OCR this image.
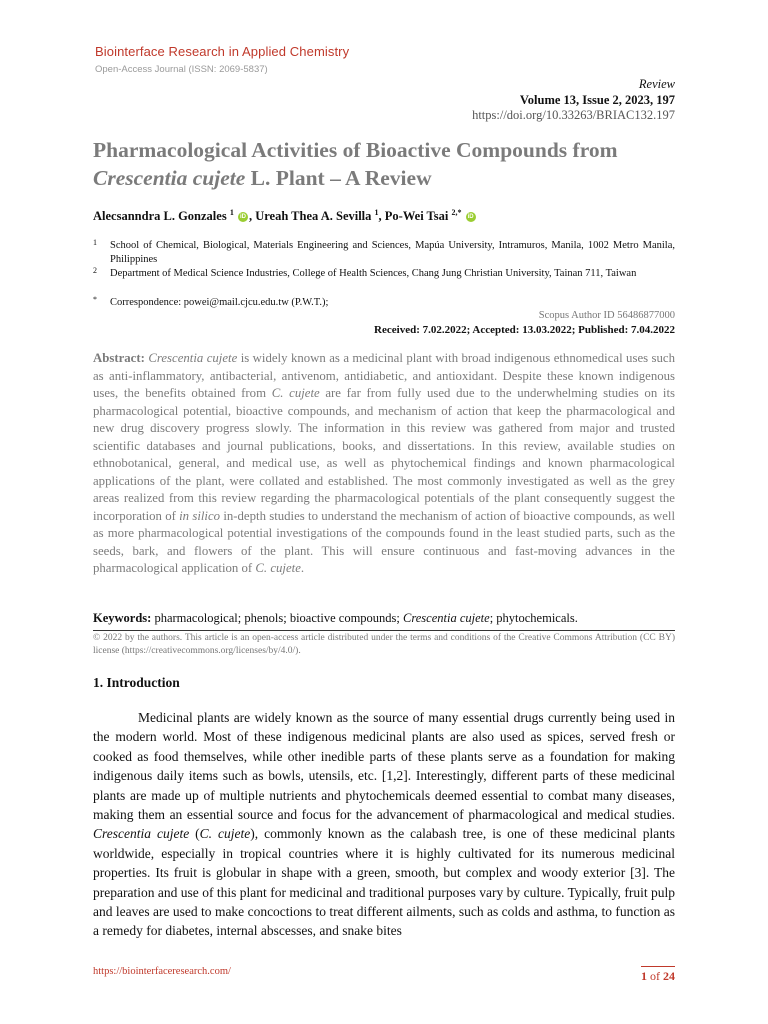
Biointerface Research in Applied Chemistry
Open-Access Journal (ISSN: 2069-5837)
Review
Volume 13, Issue 2, 2023, 197
https://doi.org/10.33263/BRIAC132.197
Pharmacological Activities of Bioactive Compounds from
Crescentia cujete L. Plant – A Review
Alecsanndra L. Gonzales $^1$ iD , Ureah Thea A. Sevilla $^1$, Po-Wei Tsai $^{2,*}$ iD
1 School of Chemical, Biological, Materials Engineering and Sciences, Mapúa University, Intramuros, Manila, 1002 Metro Manila, Philippines
2 Department of Medical Science Industries, College of Health Sciences, Chang Jung Christian University, Tainan 711, Taiwan
* Correspondence: powei@mail.cjcu.edu.tw (P.W.T.);
Scopus Author ID 56486877000
Received: 7.02.2022; Accepted: 13.03.2022; Published: 7.04.2022
Abstract: Crescentia cujete is widely known as a medicinal plant with broad indigenous ethnomedical uses such as anti-inflammatory, antibacterial, antivenom, antidiabetic, and antioxidant. Despite these known indigenous uses, the benefits obtained from C. cujete are far from fully used due to the underwhelming studies on its pharmacological potential, bioactive compounds, and mechanism of action that keep the pharmacological and new drug discovery progress slowly. The information in this review was gathered from major and trusted scientific databases and journal publications, books, and dissertations. In this review, available studies on ethnobotanical, general, and medical use, as well as phytochemical findings and known pharmacological applications of the plant, were collated and established. The most commonly investigated as well as the grey areas realized from this review regarding the pharmacological potentials of the plant consequently suggest the incorporation of in silico in-depth studies to understand the mechanism of action of bioactive compounds, as well as more pharmacological potential investigations of the compounds found in the least studied parts, such as the seeds, bark, and flowers of the plant. This will ensure continuous and fast-moving advances in the pharmacological application of C. cujete.
Keywords: pharmacological; phenols; bioactive compounds; Crescentia cujete; phytochemicals.
© 2022 by the authors. This article is an open-access article distributed under the terms and conditions of the Creative Commons Attribution (CC BY) license (https://creativecommons.org/licenses/by/4.0/).
1. Introduction
Medicinal plants are widely known as the source of many essential drugs currently being used in the modern world. Most of these indigenous medicinal plants are also used as spices, served fresh or cooked as food themselves, while other inedible parts of these plants serve as a foundation for making indigenous daily items such as bowls, utensils, etc. [1,2]. Interestingly, different parts of these medicinal plants are made up of multiple nutrients and phytochemicals deemed essential to combat many diseases, making them an essential source and focus for the advancement of pharmacological and medical studies. Crescentia cujete (C. cujete), commonly known as the calabash tree, is one of these medicinal plants worldwide, especially in tropical countries where it is highly cultivated for its numerous medicinal properties. Its fruit is globular in shape with a green, smooth, but complex and woody exterior [3]. The preparation and use of this plant for medicinal and traditional purposes vary by culture. Typically, fruit pulp and leaves are used to make concoctions to treat different ailments, such as colds and asthma, to function as a remedy for diabetes, internal abscesses, and snake bites
https://biointerfaceresearch.com/	1 of 24
